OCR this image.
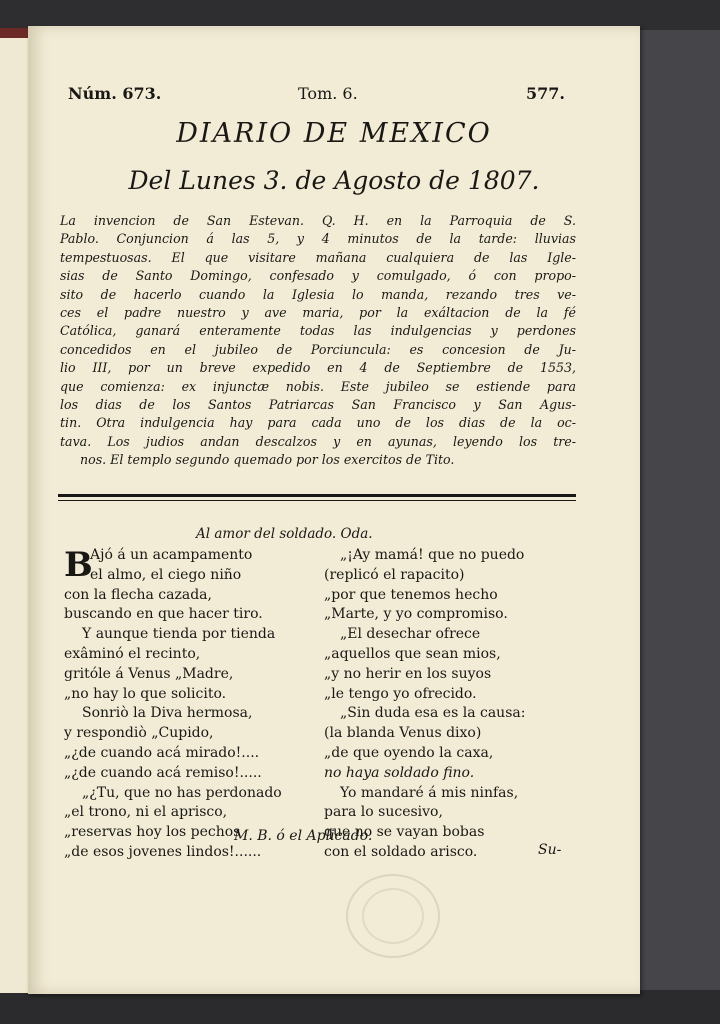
Núm. 673.	Tom. 6.	577.
DIARIO DE MEXICO
Del Lunes 3. de Agosto de 1807.
La invencion de San Estevan. Q. H. en la Parroquia de S.
Pablo. Conjuncion á las 5, y 4 minutos de la tarde: lluvias
tempestuosas. El que visitare mañana cualquiera de las Igle-
sias de Santo Domingo, confesado y comulgado, ó con propo-
sito de hacerlo cuando la Iglesia lo manda, rezando tres ve-
ces el padre nuestro y ave maria, por la exáltacion de la fé
Católica, ganará enteramente todas las indulgencias y perdones
concedidos en el jubileo de Porciuncula: es concesion de Ju-
lio III, por un breve expedido en 4 de Septiembre de 1553,
que comienza: ex injunctæ nobis. Este jubileo se estiende para
los dias de los Santos Patriarcas San Francisco y San Agus-
tin. Otra indulgencia hay para cada uno de los dias de la oc-
tava. Los judios andan descalzos y en ayunas, leyendo los tre-
nos. El templo segundo quemado por los exercitos de Tito.
Al amor del soldado. Oda.
B
Ajó á un acampamento
el almo, el ciego niño
con la flecha cazada,
buscando en que hacer tiro.
Y aunque tienda por tienda
exâminó el recinto,
gritóle á Venus „Madre,
„no hay lo que solicito.
Sonriò la Diva hermosa,
y respondiò „Cupido,
„¿de cuando acá mirado!....
„¿de cuando acá remiso!.....
„¿Tu, que no has perdonado
„el trono, ni el aprisco,
„reservas hoy los pechos
„de esos jovenes lindos!......
„¡Ay mamá! que no puedo
(replicó el rapacito)
„por que tenemos hecho
„Marte, y yo compromiso.
„El desechar ofrece
„aquellos que sean mios,
„y no herir en los suyos
„le tengo yo ofrecido.
„Sin duda esa es la causa:
(la blanda Venus dixo)
„de que oyendo la caxa,
no haya soldado fino.
Yo mandaré á mis ninfas,
para lo sucesivo,
que no se vayan bobas
con el soldado arisco.
M. B. ó el Aplicado.
Su-
